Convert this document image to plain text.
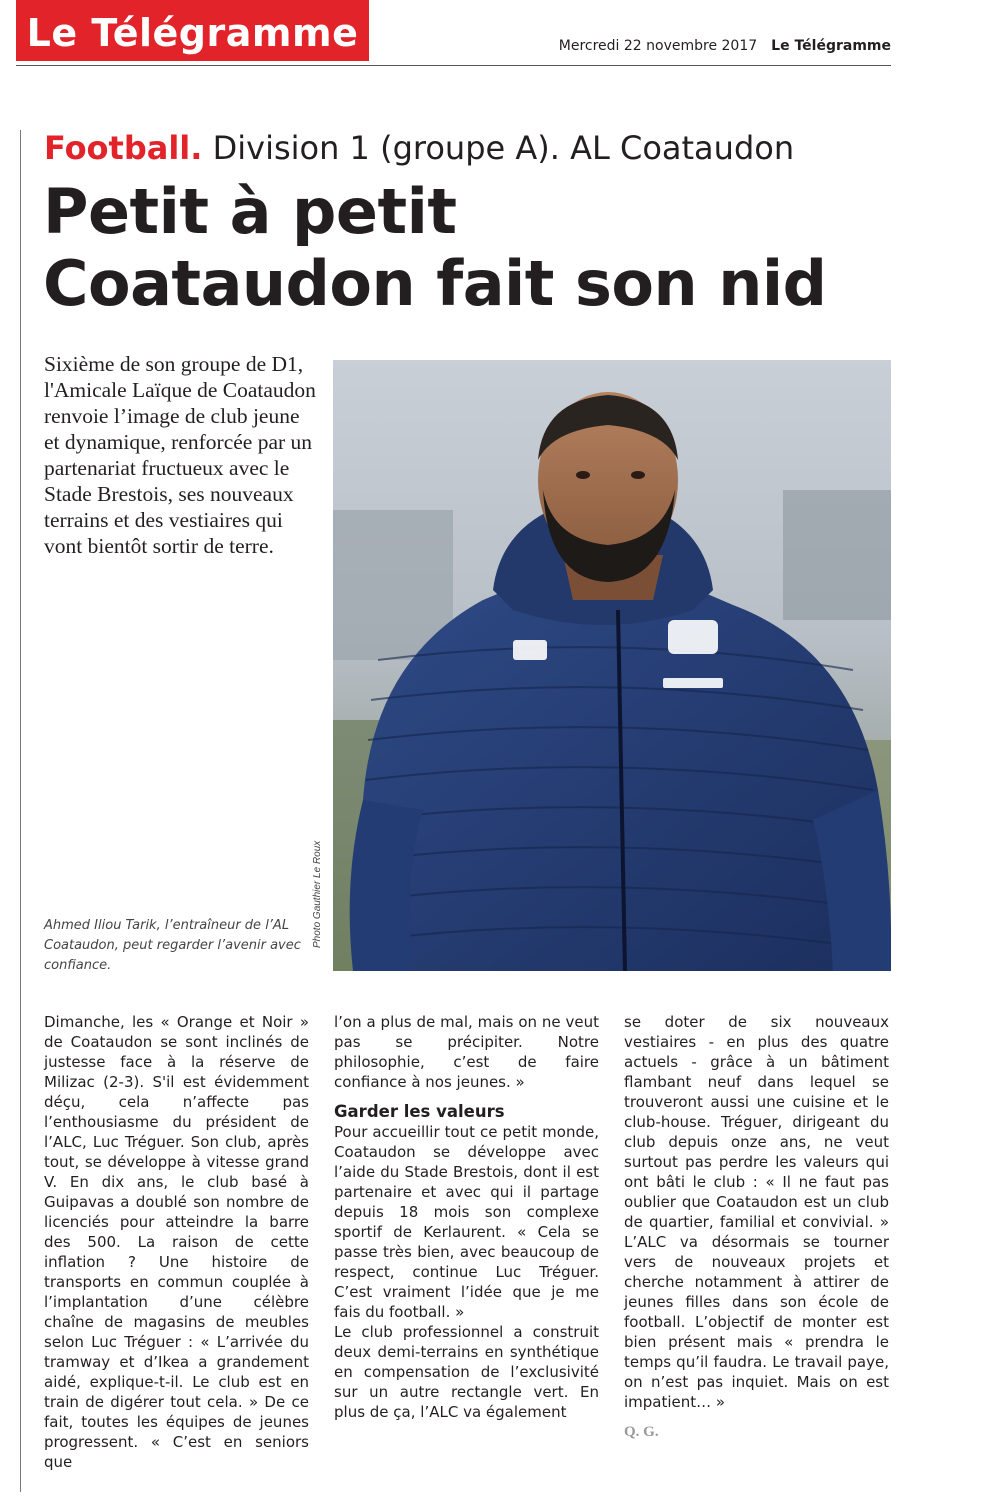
Le Télégramme	Mercredi 22 novembre 2017 Le Télégramme
Football. Division 1 (groupe A). AL Coataudon
Petit à petit
Coataudon fait son nid
Sixième de son groupe de D1, l'Amicale Laïque de Coataudon renvoie l’image de club jeune et dynamique, renforcée par un partenariat fructueux avec le Stade Brestois, ses nouveaux terrains et des vestiaires qui vont bientôt sortir de terre.
Photo Gauthier Le Roux
Ahmed Iliou Tarik, l’entraîneur de l’AL Coataudon, peut regarder l’avenir avec confiance.

Dimanche, les « Orange et Noir » de Coataudon se sont inclinés de justesse face à la réserve de Milizac (2-3). S'il est évidemment déçu, cela n’affecte pas l’enthousiasme du président de l’ALC, Luc Tréguer. Son club, après tout, se développe à vitesse grand V. En dix ans, le club basé à Guipavas a doublé son nombre de licenciés pour atteindre la barre des 500. La raison de cette inflation ? Une histoire de transports en commun couplée à l’implantation d’une célèbre chaîne de magasins de meubles selon Luc Tréguer : « L’arrivée du tramway et d’Ikea a grandement aidé, explique-t-il. Le club est en train de digérer tout cela. » De ce fait, toutes les équipes de jeunes progressent. « C’est en seniors que

l’on a plus de mal, mais on ne veut pas se précipiter. Notre philosophie, c’est de faire confiance à nos jeunes. »

Garder les valeurs

Pour accueillir tout ce petit monde, Coataudon se développe avec l’aide du Stade Brestois, dont il est partenaire et avec qui il partage depuis 18 mois son complexe sportif de Kerlaurent. « Cela se passe très bien, avec beaucoup de respect, continue Luc Tréguer. C’est vraiment l’idée que je me fais du football. »

Le club professionnel a construit deux demi-terrains en synthétique en compensation de l’exclusivité sur un autre rectangle vert. En plus de ça, l’ALC va également

se doter de six nouveaux vestiaires - en plus des quatre actuels - grâce à un bâtiment flambant neuf dans lequel se trouveront aussi une cuisine et le club-house. Tréguer, dirigeant du club depuis onze ans, ne veut surtout pas perdre les valeurs qui ont bâti le club : « Il ne faut pas oublier que Coataudon est un club de quartier, familial et convivial. » L’ALC va désormais se tourner vers de nouveaux projets et cherche notamment à attirer de jeunes filles dans son école de football. L’objectif de monter est bien présent mais « prendra le temps qu’il faudra. Le travail paye, on n’est pas inquiet. Mais on est impatient… »

Q. G.
